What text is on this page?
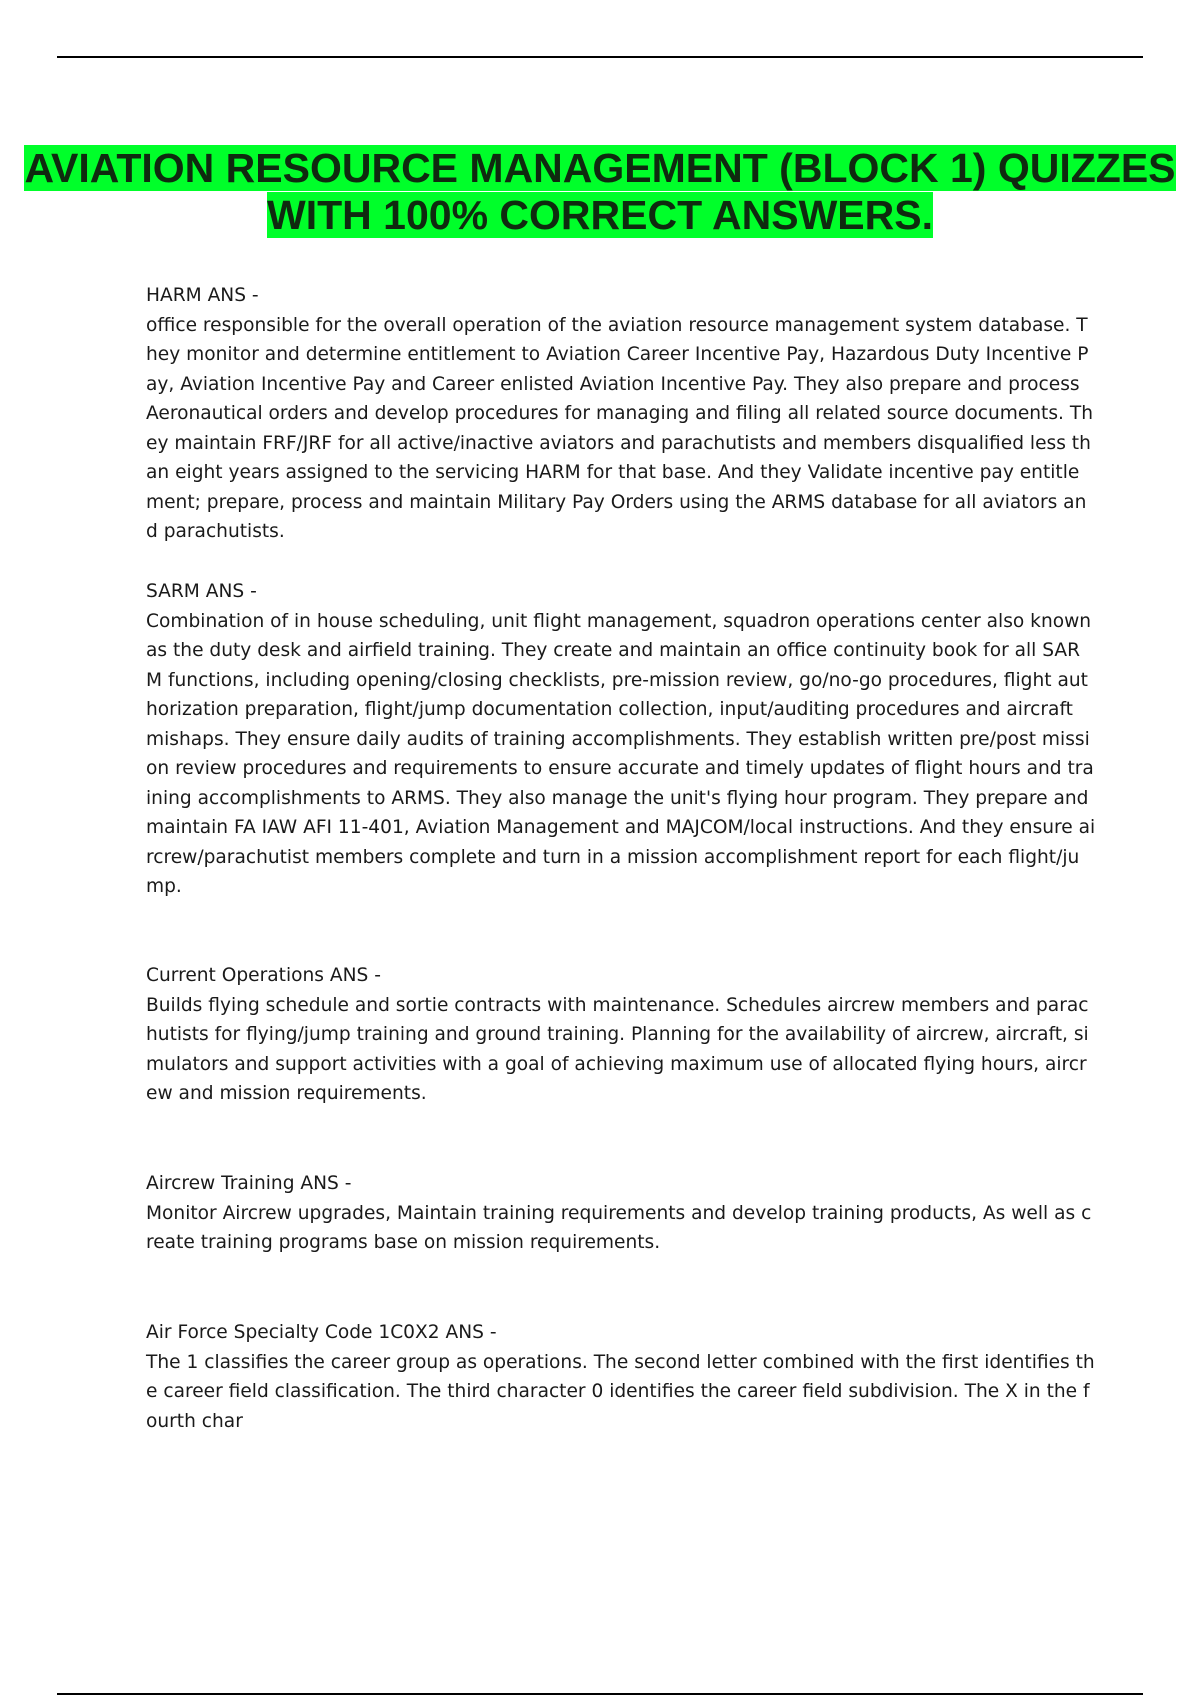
AVIATION RESOURCE MANAGEMENT (BLOCK 1) QUIZZES WITH 100% CORRECT ANSWERS.
HARM ANS -
office responsible for the overall operation of the aviation resource management system database. They monitor and determine entitlement to Aviation Career Incentive Pay, Hazardous Duty Incentive Pay, Aviation Incentive Pay and Career enlisted Aviation Incentive Pay. They also prepare and process Aeronautical orders and develop procedures for managing and filing all related source documents. They maintain FRF/JRF for all active/inactive aviators and parachutists and members disqualified less than eight years assigned to the servicing HARM for that base. And they Validate incentive pay entitlement; prepare, process and maintain Military Pay Orders using the ARMS database for all aviators and parachutists.
SARM ANS -
Combination of in house scheduling, unit flight management, squadron operations center also known as the duty desk and airfield training. They create and maintain an office continuity book for all SARM functions, including opening/closing checklists, pre-mission review, go/no-go procedures, flight authorization preparation, flight/jump documentation collection, input/auditing procedures and aircraft mishaps. They ensure daily audits of training accomplishments. They establish written pre/post mission review procedures and requirements to ensure accurate and timely updates of flight hours and training accomplishments to ARMS. They also manage the unit's flying hour program. They prepare and maintain FA IAW AFI 11-401, Aviation Management and MAJCOM/local instructions. And they ensure aircrew/parachutist members complete and turn in a mission accomplishment report for each flight/jump.
Current Operations ANS -
Builds flying schedule and sortie contracts with maintenance. Schedules aircrew members and parachutists for flying/jump training and ground training. Planning for the availability of aircrew, aircraft, simulators and support activities with a goal of achieving maximum use of allocated flying hours, aircrew and mission requirements.
Aircrew Training ANS -
Monitor Aircrew upgrades, Maintain training requirements and develop training products, As well as create training programs base on mission requirements.
Air Force Specialty Code 1C0X2 ANS -
The 1 classifies the career group as operations. The second letter combined with the first identifies the career field classification. The third character 0 identifies the career field subdivision. The X in the fourth char
